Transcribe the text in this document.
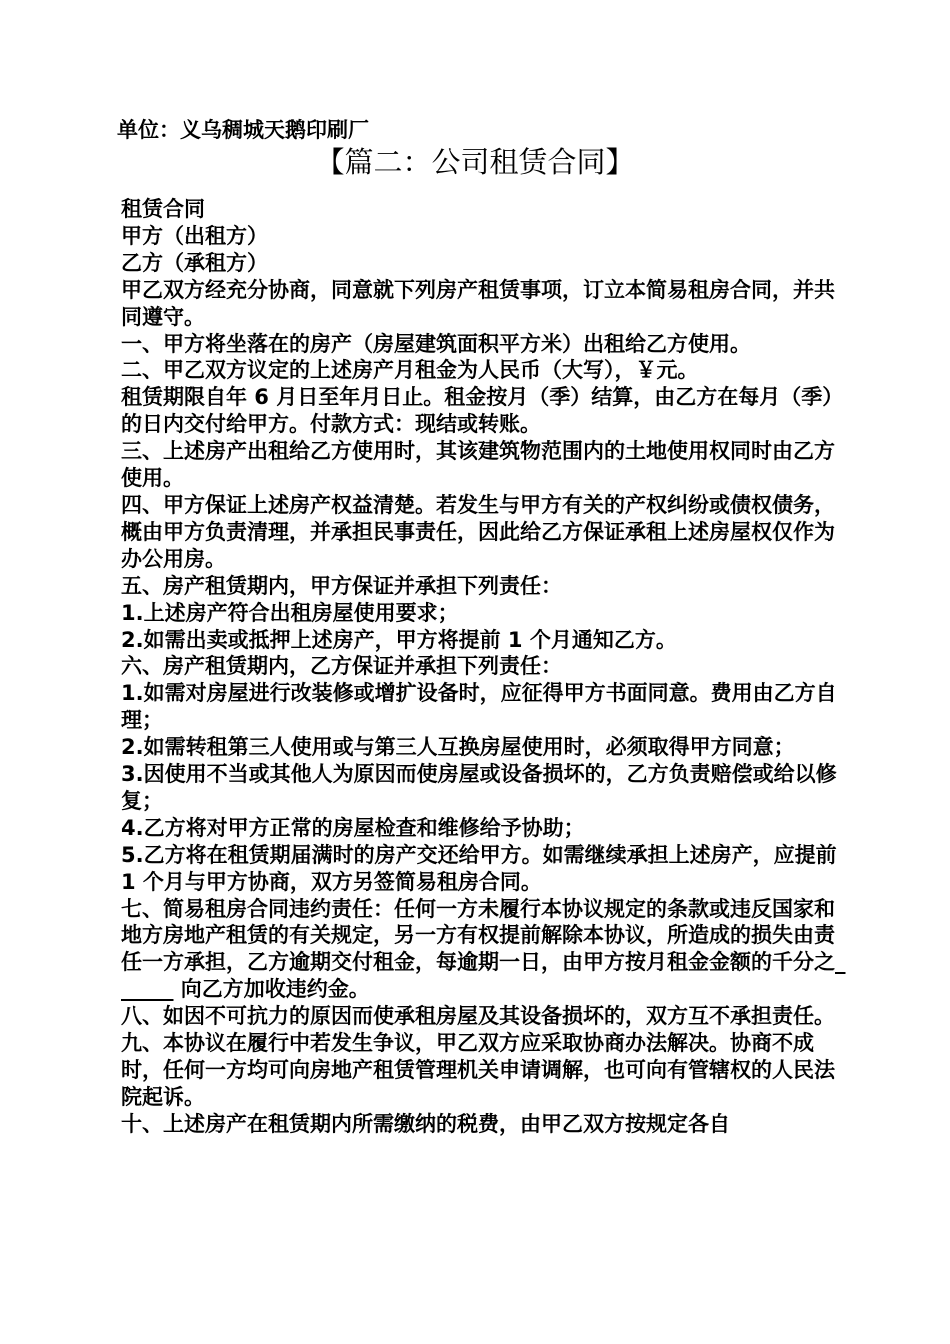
单位：义乌稠城天鹅印刷厂
【篇二：公司租赁合同】

租赁合同

甲方（出租方）

乙方（承租方）

甲乙双方经充分协商，同意就下列房产租赁事项，订立本简易租房合同，并共同遵守。

一、甲方将坐落在的房产（房屋建筑面积平方米）出租给乙方使用。

二、甲乙双方议定的上述房产月租金为人民币（大写），￥元。

租赁期限自年 6 月日至年月日止。租金按月（季）结算，由乙方在每月（季）的日内交付给甲方。付款方式：现结或转账。

三、上述房产出租给乙方使用时，其该建筑物范围内的土地使用权同时由乙方使用。

四、甲方保证上述房产权益清楚。若发生与甲方有关的产权纠纷或债权债务，概由甲方负责清理，并承担民事责任，因此给乙方保证承租上述房屋权仅作为办公用房。

五、房产租赁期内，甲方保证并承担下列责任：

1.上述房产符合出租房屋使用要求；

2.如需出卖或抵押上述房产，甲方将提前 1 个月通知乙方。

六、房产租赁期内，乙方保证并承担下列责任：

1.如需对房屋进行改装修或增扩设备时，应征得甲方书面同意。费用由乙方自理；

2.如需转租第三人使用或与第三人互换房屋使用时，必须取得甲方同意；

3.因使用不当或其他人为原因而使房屋或设备损坏的，乙方负责赔偿或给以修复；

4.乙方将对甲方正常的房屋检查和维修给予协助；

5.乙方将在租赁期届满时的房产交还给甲方。如需继续承担上述房产，应提前 1 个月与甲方协商，双方另签简易租房合同。

七、简易租房合同违约责任：任何一方未履行本协议规定的条款或违反国家和地方房地产租赁的有关规定，另一方有权提前解除本协议，所造成的损失由责任一方承担，乙方逾期交付租金，每逾期一日，由甲方按月租金金额的千分之______ 向乙方加收违约金。

八、如因不可抗力的原因而使承租房屋及其设备损坏的，双方互不承担责任。

九、本协议在履行中若发生争议，甲乙双方应采取协商办法解决。协商不成时，任何一方均可向房地产租赁管理机关申请调解，也可向有管辖权的人民法院起诉。

十、上述房产在租赁期内所需缴纳的税费，由甲乙双方按规定各自
